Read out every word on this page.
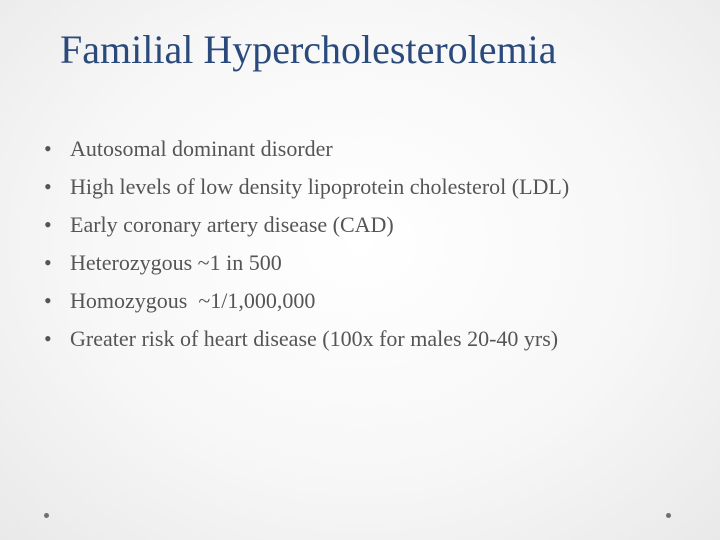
Familial Hypercholesterolemia
• Autosomal dominant disorder
• High levels of low density lipoprotein cholesterol (LDL)
• Early coronary artery disease (CAD)
• Heterozygous ~1 in 500
• Homozygous  ~1/1,000,000
• Greater risk of heart disease (100x for males 20-40 yrs)
